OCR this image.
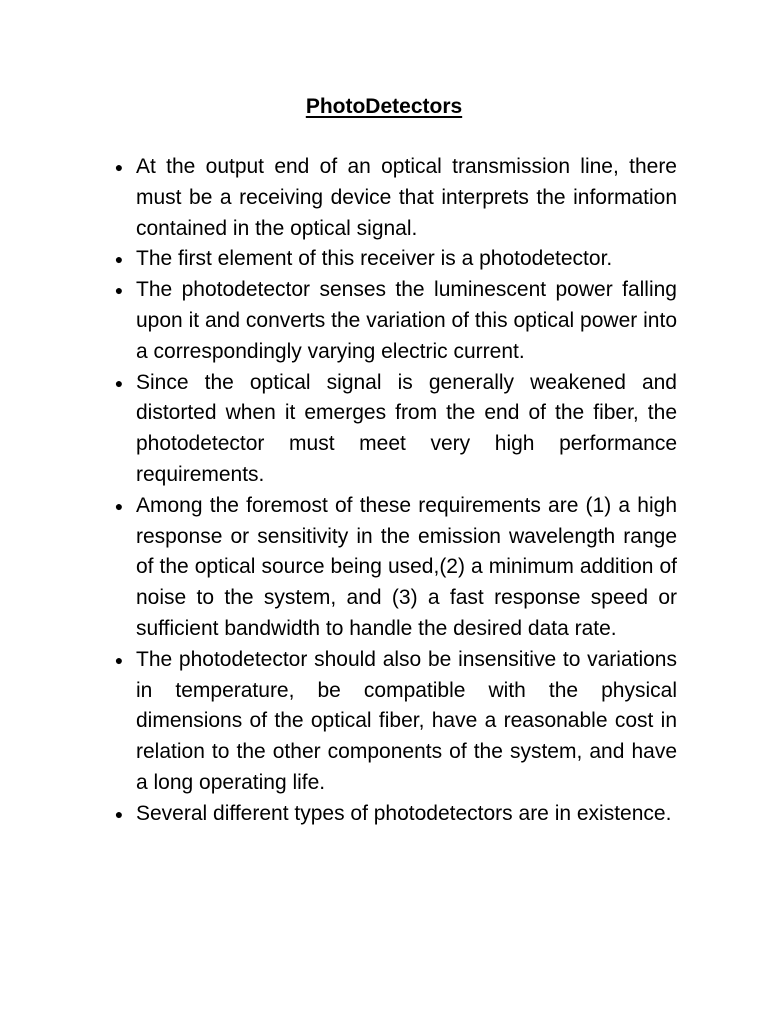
PhotoDetectors
● At the output end of an optical transmission line, there must be a receiving device that interprets the information contained in the optical signal.
● The first element of this receiver is a photodetector.
● The photodetector senses the luminescent power falling upon it and converts the variation of this optical power into a correspondingly varying electric current.
● Since the optical signal is generally weakened and distorted when it emerges from the end of the fiber, the photodetector must meet very high performance requirements.
● Among the foremost of these requirements are (1) a high response or sensitivity in the emission wavelength range of the optical source being used,(2) a minimum addition of noise to the system, and (3) a fast response speed or sufficient bandwidth to handle the desired data rate.
● The photodetector should also be insensitive to variations in temperature, be compatible with the physical dimensions of the optical fiber, have a reasonable cost in relation to the other components of the system, and have a long operating life.
● Several different types of photodetectors are in existence.
